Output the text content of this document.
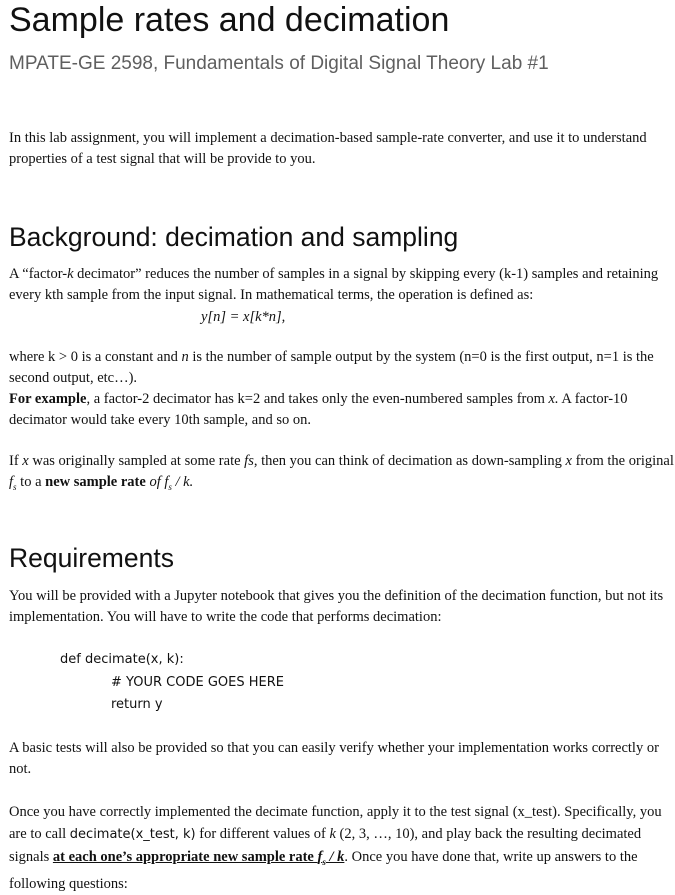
Sample rates and decimation
MPATE-GE 2598, Fundamentals of Digital Signal Theory Lab #1

In this lab assignment, you will implement a decimation-based sample-rate converter, and use it to understand properties of a test signal that will be provide to you.

Background: decimation and sampling

A “factor-k decimator” reduces the number of samples in a signal by skipping every (k-1) samples and retaining every kth sample from the input signal. In mathematical terms, the operation is defined as:

y[n] = x[k*n],

where k > 0 is a constant and n is the number of sample output by the system (n=0 is the first output, n=1 is the second output, etc…).

For example, a factor-2 decimator has k=2 and takes only the even-numbered samples from x. A factor-10 decimator would take every 10th sample, and so on.

If x was originally sampled at some rate fs, then you can think of decimation as down-sampling x from the original $f_s$ to a new sample rate of $f_s$ / k.

Requirements

You will be provided with a Jupyter notebook that gives you the definition of the decimation function, but not its implementation. You will have to write the code that performs decimation:

def decimate(x, k):
# YOUR CODE GOES HERE
return y

A basic tests will also be provided so that you can easily verify whether your implementation works correctly or not.

Once you have correctly implemented the decimate function, apply it to the test signal (x_test). Specifically, you are to call decimate(x_test, k) for different values of k (2, 3, …, 10), and play back the resulting decimated signals at each one’s appropriate new sample rate $f_s$ / k. Once you have done that, write up answers to the following questions:
